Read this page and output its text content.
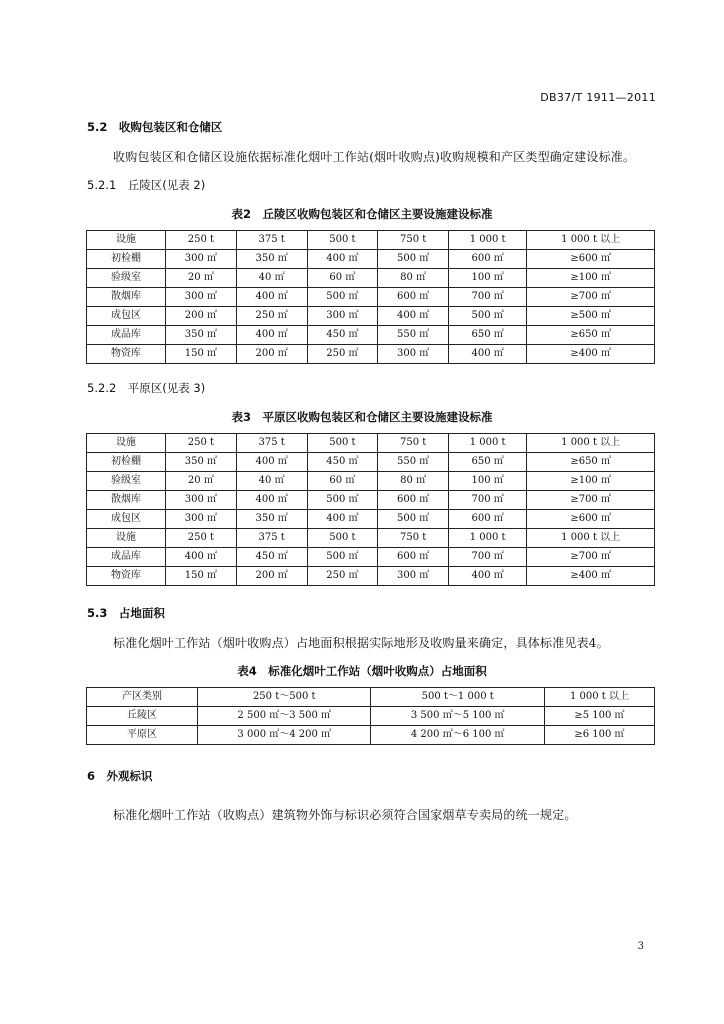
DB37/T 1911—2011
5.2　收购包装区和仓储区
收购包装区和仓储区设施依据标准化烟叶工作站(烟叶收购点)收购规模和产区类型确定建设标准。
5.2.1　丘陵区(见表 2)
表2　丘陵区收购包装区和仓储区主要设施建设标准
设施	250 t	375 t	500 t	750 t	1 000 t	1 000 t 以上
初检棚	300 ㎡	350 ㎡	400 ㎡	500 ㎡	600 ㎡	≥600 ㎡
验级室	20 ㎡	40 ㎡	60 ㎡	80 ㎡	100 ㎡	≥100 ㎡
散烟库	300 ㎡	400 ㎡	500 ㎡	600 ㎡	700 ㎡	≥700 ㎡
成包区	200 ㎡	250 ㎡	300 ㎡	400 ㎡	500 ㎡	≥500 ㎡
成品库	350 ㎡	400 ㎡	450 ㎡	550 ㎡	650 ㎡	≥650 ㎡
物资库	150 ㎡	200 ㎡	250 ㎡	300 ㎡	400 ㎡	≥400 ㎡
5.2.2　平原区(见表 3)
表3　平原区收购包装区和仓储区主要设施建设标准
设施	250 t	375 t	500 t	750 t	1 000 t	1 000 t 以上
初检棚	350 ㎡	400 ㎡	450 ㎡	550 ㎡	650 ㎡	≥650 ㎡
验级室	20 ㎡	40 ㎡	60 ㎡	80 ㎡	100 ㎡	≥100 ㎡
散烟库	300 ㎡	400 ㎡	500 ㎡	600 ㎡	700 ㎡	≥700 ㎡
成包区	300 ㎡	350 ㎡	400 ㎡	500 ㎡	600 ㎡	≥600 ㎡
设施	250 t	375 t	500 t	750 t	1 000 t	1 000 t 以上
成品库	400 ㎡	450 ㎡	500 ㎡	600 ㎡	700 ㎡	≥700 ㎡
物资库	150 ㎡	200 ㎡	250 ㎡	300 ㎡	400 ㎡	≥400 ㎡
5.3　占地面积
标准化烟叶工作站（烟叶收购点）占地面积根据实际地形及收购量来确定，具体标准见表4。
表4　标准化烟叶工作站（烟叶收购点）占地面积
产区类别	250 t～500 t	500 t～1 000 t	1 000 t 以上
丘陵区	2 500 ㎡～3 500 ㎡	3 500 ㎡～5 100 ㎡	≥5 100 ㎡
平原区	3 000 ㎡～4 200 ㎡	4 200 ㎡～6 100 ㎡	≥6 100 ㎡
6　外观标识
标准化烟叶工作站（收购点）建筑物外饰与标识必须符合国家烟草专卖局的统一规定。
3
